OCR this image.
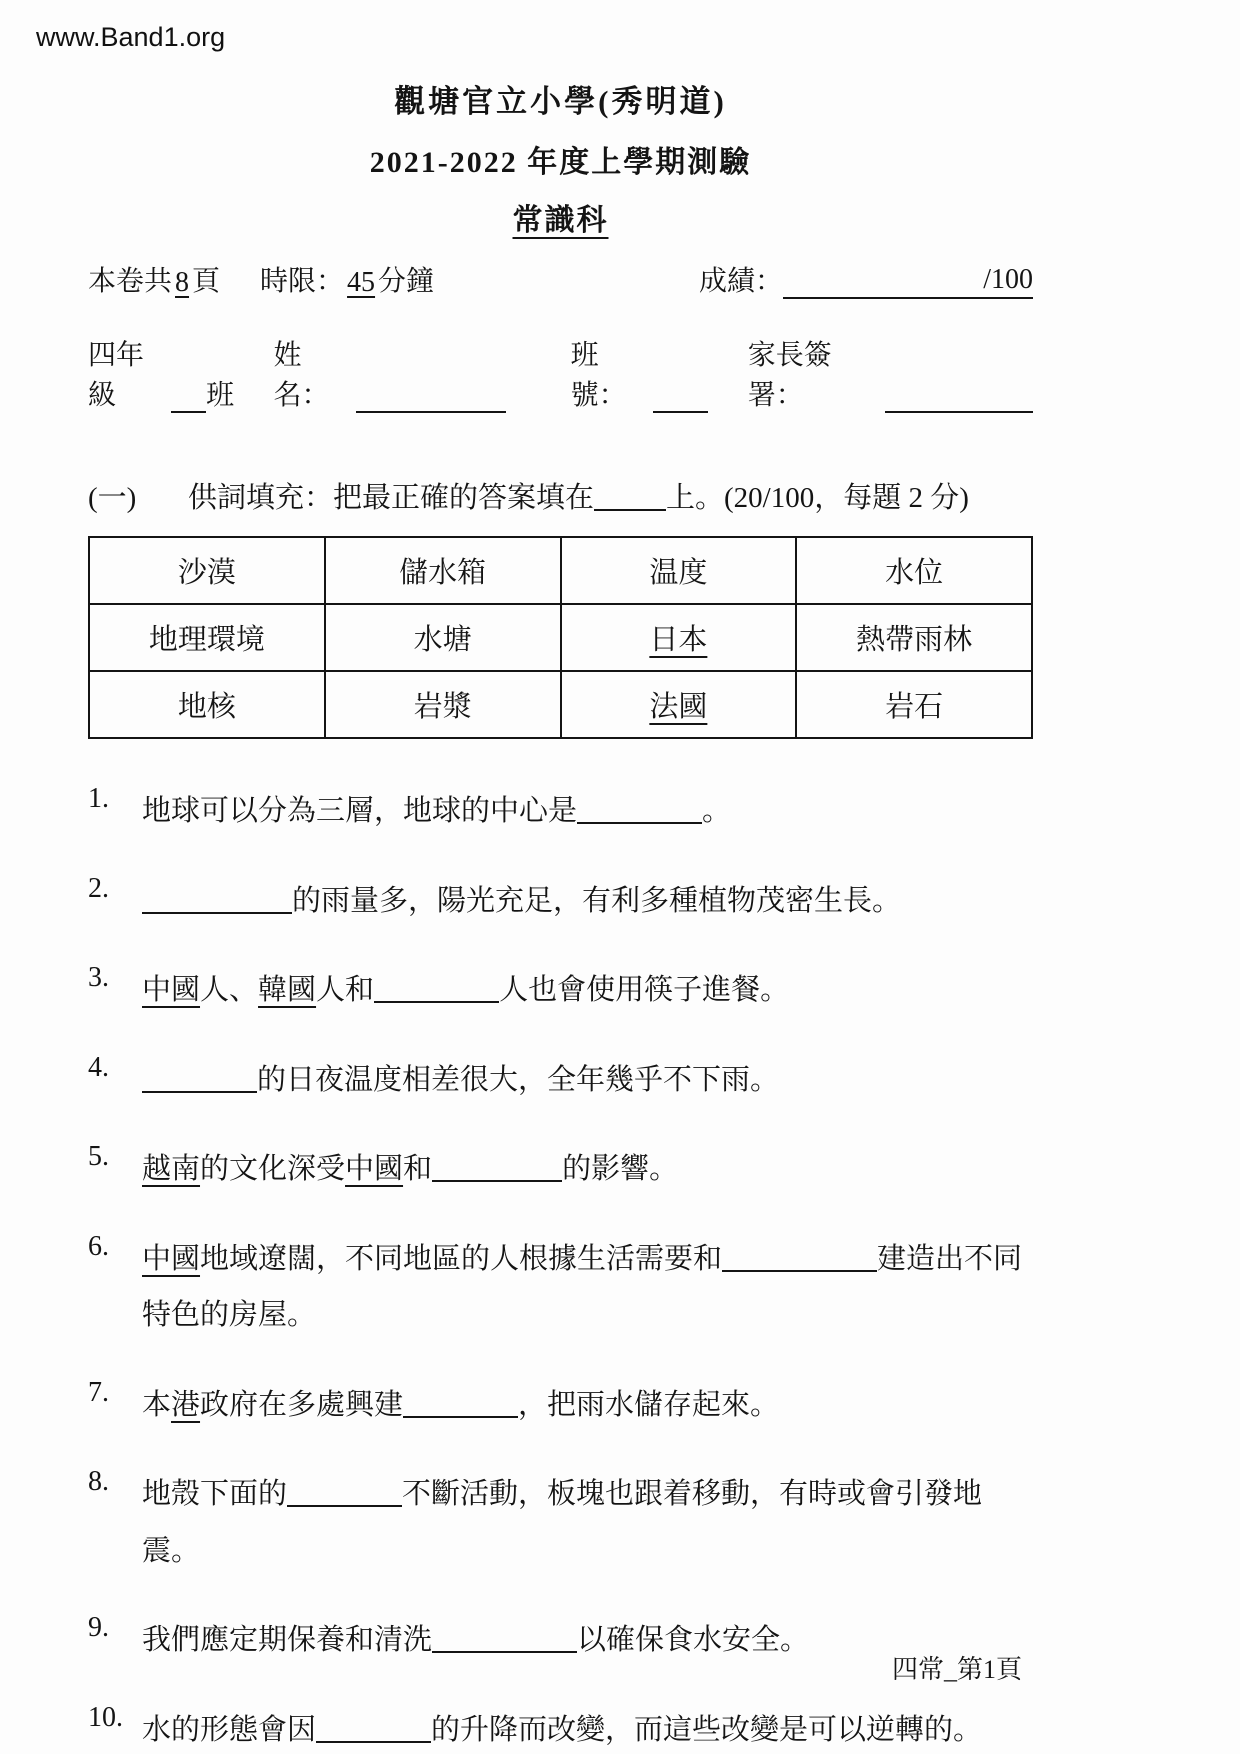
www.Band1.org
觀塘官立小學(秀明道)
2021-2022 年度上學期測驗
常識科
本卷共 8 頁 時限： 45 分鐘	成績：	/100
四年級	班
姓名：
班號：
家長簽署：
(一)	供詞填充：把最正確的答案填在 上。(20/100，每題 2 分)
沙漠	儲水箱	温度	水位
地理環境	水塘	日本	熱帶雨林
地核	岩漿	法國	岩石
1.	地球可以分為三層，地球的中心是	。
2.	的雨量多，陽光充足，有利多種植物茂密生長。
3.	中國人、韓國人和	人也會使用筷子進餐。
4.	的日夜温度相差很大，全年幾乎不下雨。
5.	越南的文化深受中國和	的影響。
6.	中國地域遼闊，不同地區的人根據生活需要和	建造出不同特色的房屋。
7.	本港政府在多處興建	，把雨水儲存起來。
8.	地殼下面的	不斷活動，板塊也跟着移動，有時或會引發地震。
9.	我們應定期保養和清洗	以確保食水安全。
10. 水的形態會因	的升降而改變，而這些改變是可以逆轉的。
四常_第1頁
